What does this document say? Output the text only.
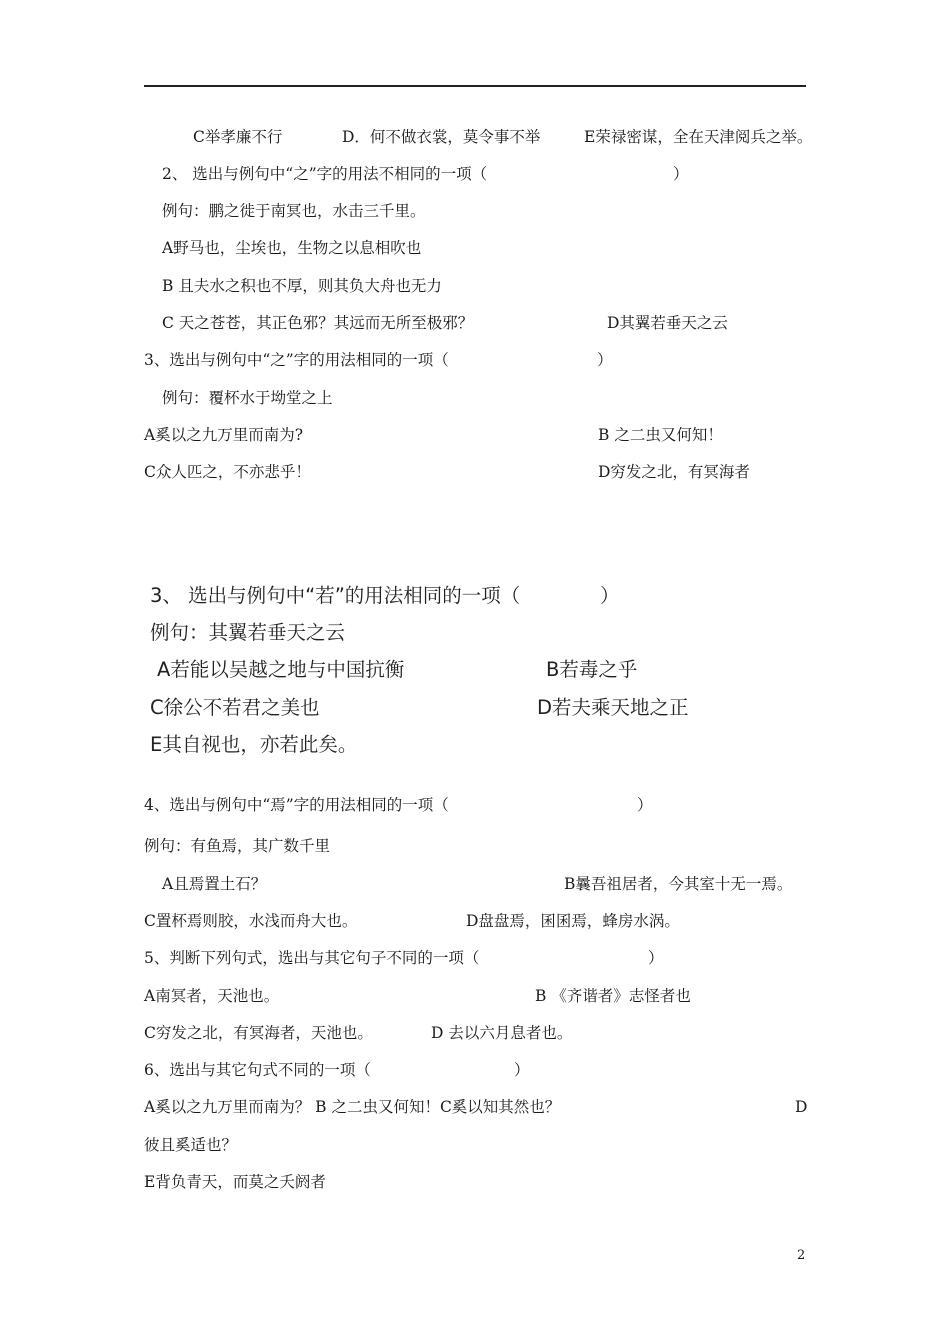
C举孝廉不行	D．何不做衣裳，莫令事不举	E荣禄密谋，全在天津阅兵之举。
2、 选出与例句中“之”字的用法不相同的一项（	）
例句：鹏之徙于南冥也，水击三千里。
A野马也，尘埃也，生物之以息相吹也
B 且夫水之积也不厚，则其负大舟也无力
C 天之苍苍，其正色邪？其远而无所至极邪？	D其翼若垂天之云
3、选出与例句中“之”字的用法相同的一项（	）
例句：覆杯水于坳堂之上
A奚以之九万里而南为?	B 之二虫又何知！
C众人匹之，不亦悲乎！	D穷发之北，有冥海者
3、 选出与例句中“若”的用法相同的一项（	）
例句：其翼若垂天之云
A若能以吴越之地与中国抗衡	B若毒之乎
C徐公不若君之美也	D若夫乘天地之正
E其自视也，亦若此矣。
4、选出与例句中“焉”字的用法相同的一项（	）
例句：有鱼焉，其广数千里
A且焉置土石？	B曩吾祖居者，今其室十无一焉。
C置杯焉则胶，水浅而舟大也。	D盘盘焉，囷囷焉，蜂房水涡。
5、判断下列句式，选出与其它句子不同的一项（	）
A南冥者，天池也。	B 《齐谐者》志怪者也
C穷发之北，有冥海者，天池也。	D 去以六月息者也。
6、选出与其它句式不同的一项（	）
A奚以之九万里而南为？ B 之二虫又何知！C奚以知其然也？	D
彼且奚适也？
E背负青天，而莫之夭阏者
2
